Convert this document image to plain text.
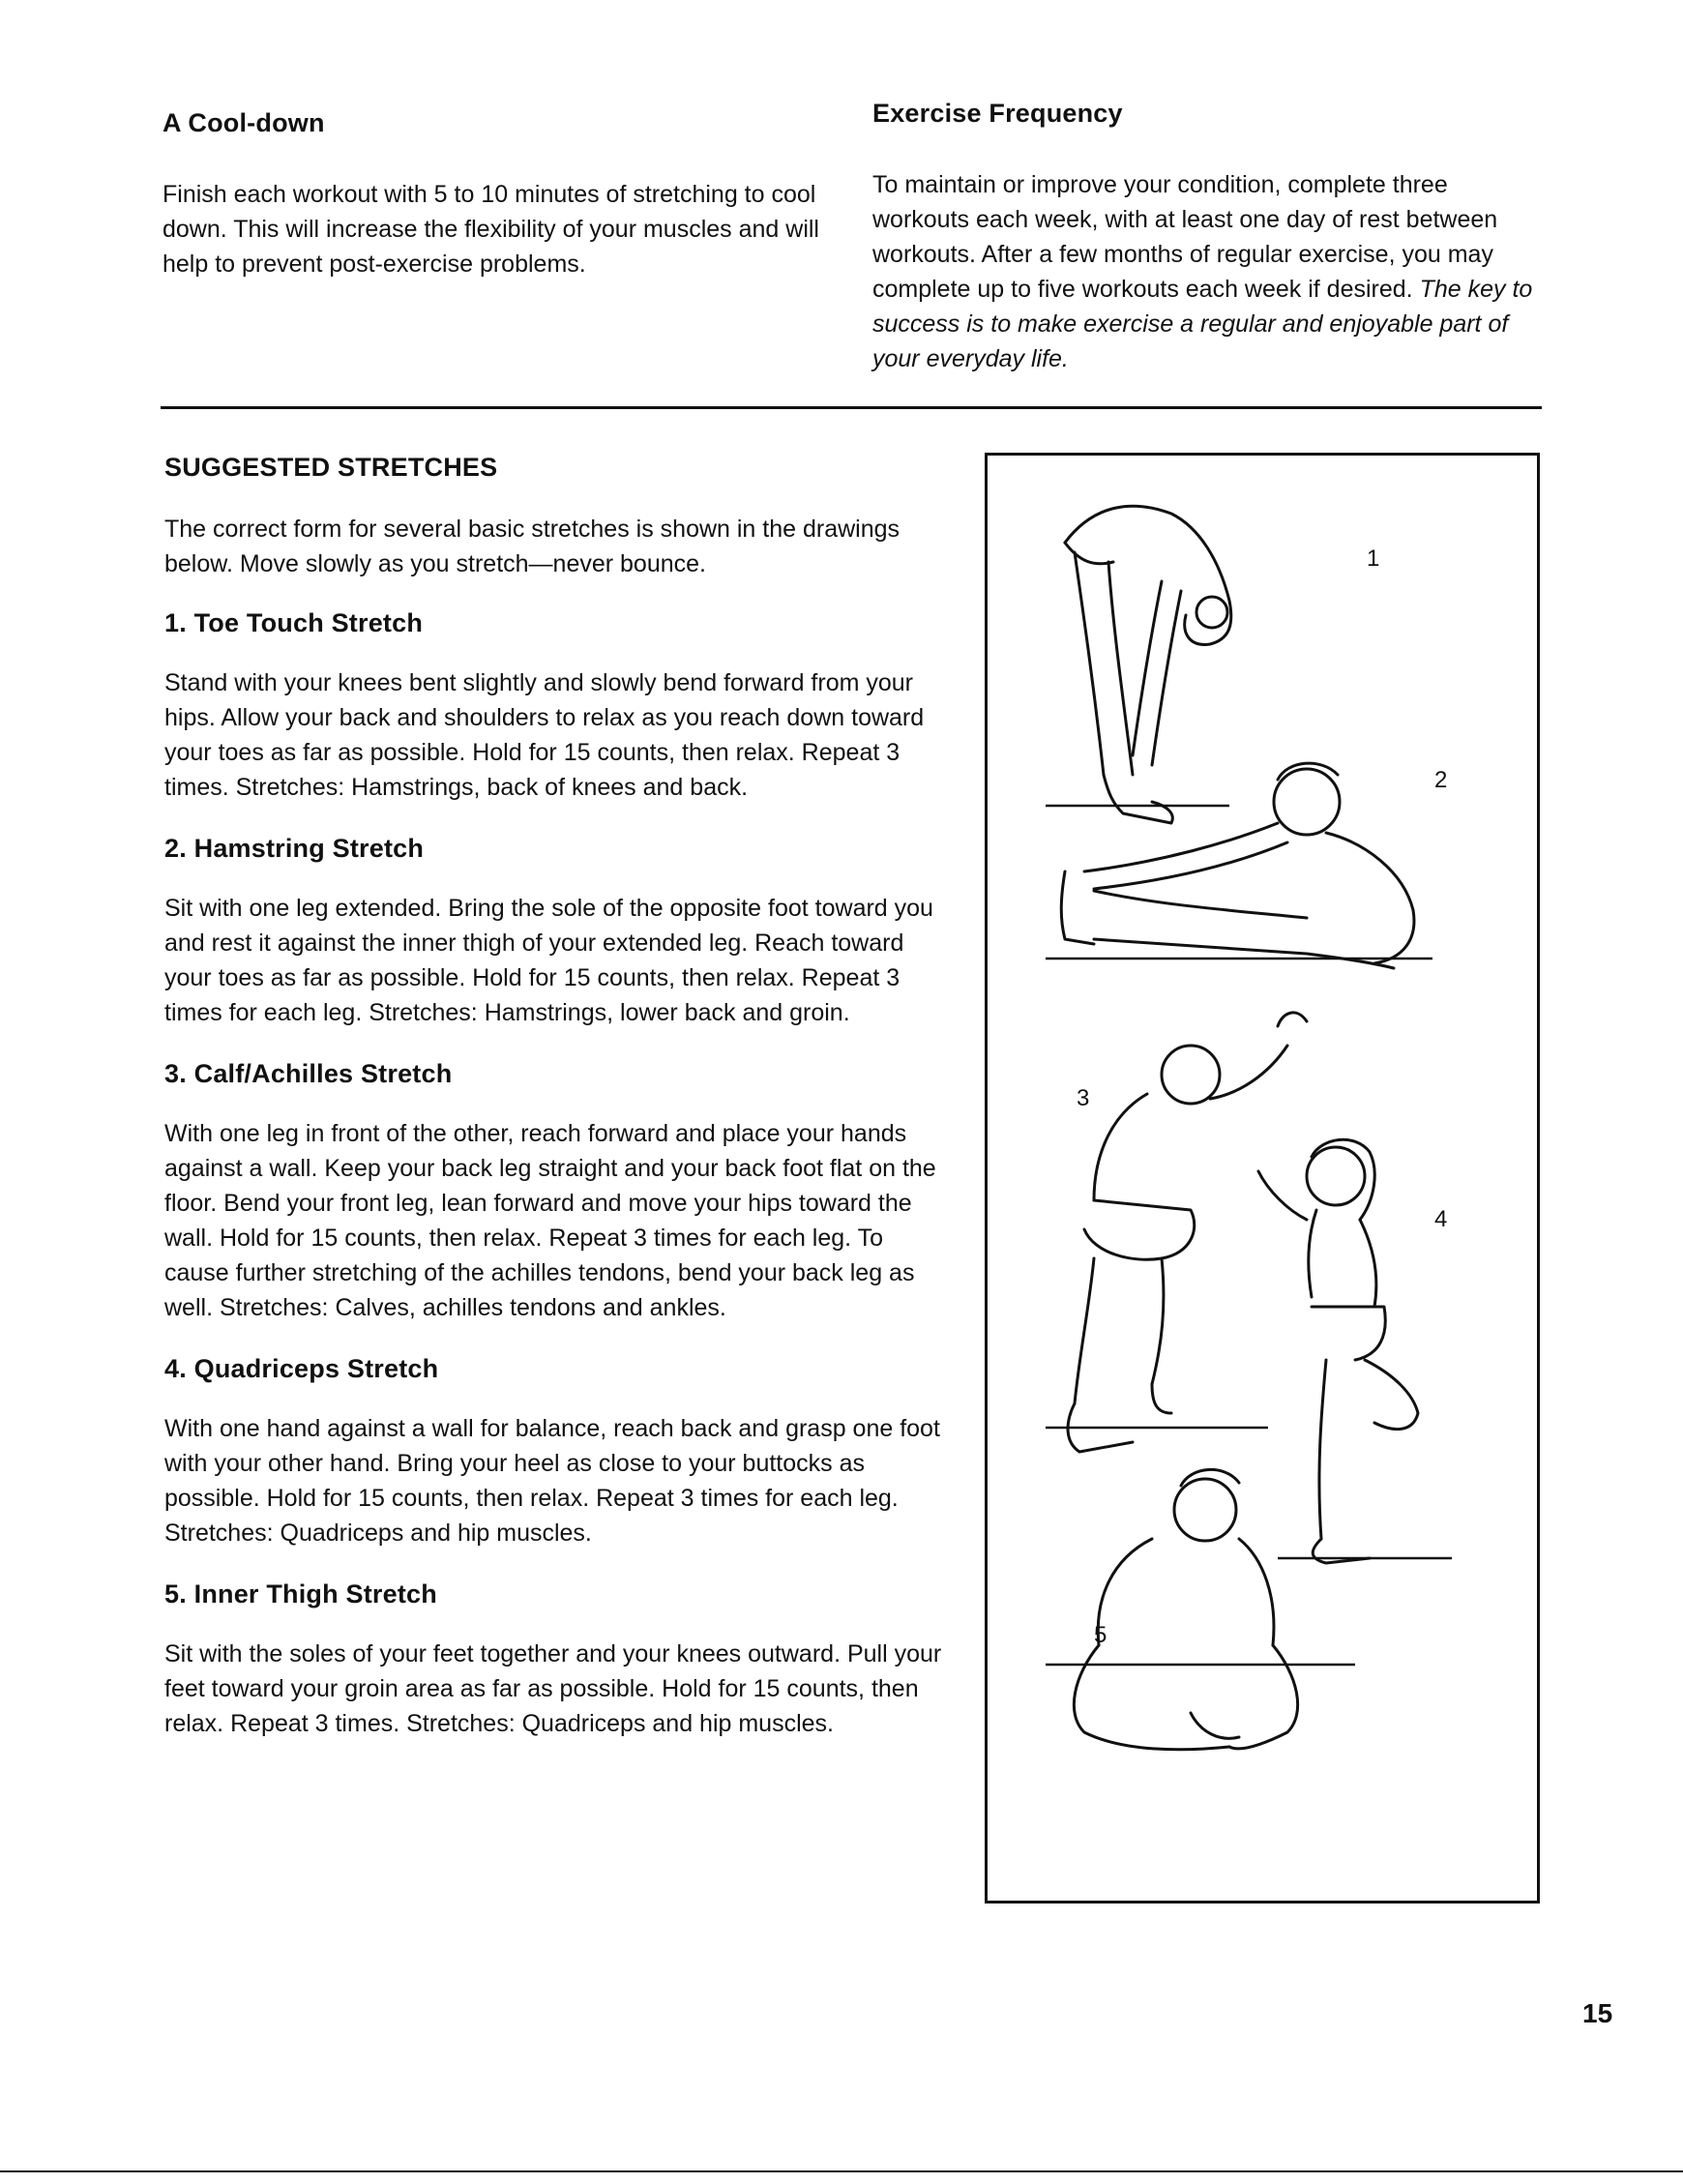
A Cool-down

Finish each workout with 5 to 10 minutes of stretching to cool down. This will increase the flexibility of your muscles and will help to prevent post-exercise problems.

Exercise Frequency

To maintain or improve your condition, complete three workouts each week, with at least one day of rest between workouts. After a few months of regular exercise, you may complete up to five workouts each week if desired. The key to success is to make exercise a regular and enjoyable part of your everyday life.

SUGGESTED STRETCHES

The correct form for several basic stretches is shown in the drawings below. Move slowly as you stretch—never bounce.

1. Toe Touch Stretch

Stand with your knees bent slightly and slowly bend forward from your hips. Allow your back and shoulders to relax as you reach down toward your toes as far as possible. Hold for 15 counts, then relax. Repeat 3 times. Stretches: Hamstrings, back of knees and back.

2. Hamstring Stretch

Sit with one leg extended. Bring the sole of the opposite foot toward you and rest it against the inner thigh of your extended leg. Reach toward your toes as far as possible. Hold for 15 counts, then relax. Repeat 3 times for each leg. Stretches: Hamstrings, lower back and groin.

3. Calf/Achilles Stretch

With one leg in front of the other, reach forward and place your hands against a wall. Keep your back leg straight and your back foot flat on the floor. Bend your front leg, lean forward and move your hips toward the wall. Hold for 15 counts, then relax. Repeat 3 times for each leg. To cause further stretching of the achilles tendons, bend your back leg as well. Stretches: Calves, achilles tendons and ankles.

4. Quadriceps Stretch

With one hand against a wall for balance, reach back and grasp one foot with your other hand. Bring your heel as close to your buttocks as possible. Hold for 15 counts, then relax. Repeat 3 times for each leg. Stretches: Quadriceps and hip muscles.

5. Inner Thigh Stretch

Sit with the soles of your feet together and your knees outward. Pull your feet toward your groin area as far as possible. Hold for 15 counts, then relax. Repeat 3 times. Stretches: Quadriceps and hip muscles.

1
2
3
4
5
15
